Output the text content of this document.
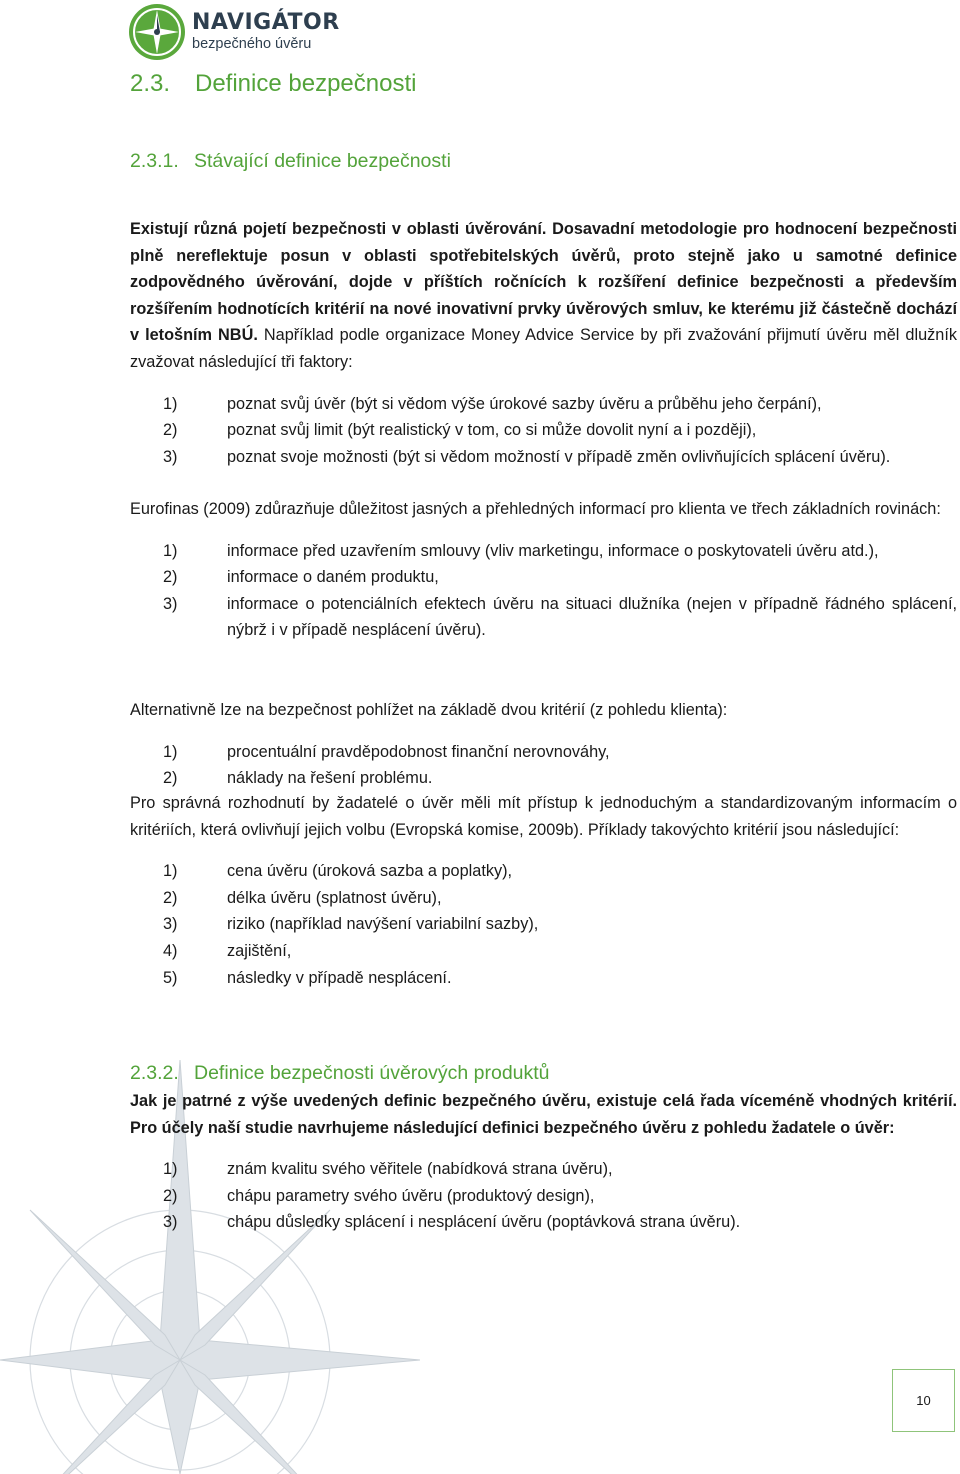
NAVIGÁTOR
bezpečného úvěru
2.3. Definice bezpečnosti
2.3.1. Stávající definice bezpečnosti

Existují různá pojetí bezpečnosti v oblasti úvěrování. Dosavadní metodologie pro hodnocení bezpečnosti plně nereflektuje posun v oblasti spotřebitelských úvěrů, proto stejně jako u samotné definice zodpovědného úvěrování, dojde v příštích ročnících k rozšíření definice bezpečnosti a především rozšířením hodnotících kritérií na nové inovativní prvky úvěrových smluv, ke kterému již částečně dochází v letošním NBÚ. Například podle organizace Money Advice Service by při zvažování přijmutí úvěru měl dlužník zvažovat následující tři faktory:

1)	poznat svůj úvěr (být si vědom výše úrokové sazby úvěru a průběhu jeho čerpání),
2)	poznat svůj limit (být realistický v tom, co si může dovolit nyní a i později),
3)	poznat svoje možnosti (být si vědom možností v případě změn ovlivňujících splácení úvěru).

Eurofinas (2009) zdůrazňuje důležitost jasných a přehledných informací pro klienta ve třech základních rovinách:

1)	informace před uzavřením smlouvy (vliv marketingu, informace o poskytovateli úvěru atd.),
2)	informace o daném produktu,
3)	informace o potenciálních efektech úvěru na situaci dlužníka (nejen v případně řádného splácení, nýbrž i v případě nesplácení úvěru).

Alternativně lze na bezpečnost pohlížet na základě dvou kritérií (z pohledu klienta):

1)	procentuální pravděpodobnost finanční nerovnováhy,
2)	náklady na řešení problému.

Pro správná rozhodnutí by žadatelé o úvěr měli mít přístup k jednoduchým a standardizovaným informacím o kritériích, která ovlivňují jejich volbu (Evropská komise, 2009b). Příklady takovýchto kritérií jsou následující:

1)	cena úvěru (úroková sazba a poplatky),
2)	délka úvěru (splatnost úvěru),
3)	riziko (například navýšení variabilní sazby),
4)	zajištění,
5)	následky v případě nesplácení.
2.3.2. Definice bezpečnosti úvěrových produktů

Jak je patrné z výše uvedených definic bezpečného úvěru, existuje celá řada víceméně vhodných kritérií. Pro účely naší studie navrhujeme následující definici bezpečného úvěru z pohledu žadatele o úvěr:

1)	znám kvalitu svého věřitele (nabídková strana úvěru),
2)	chápu parametry svého úvěru (produktový design),
3)	chápu důsledky splácení i nesplácení úvěru (poptávková strana úvěru).
10
